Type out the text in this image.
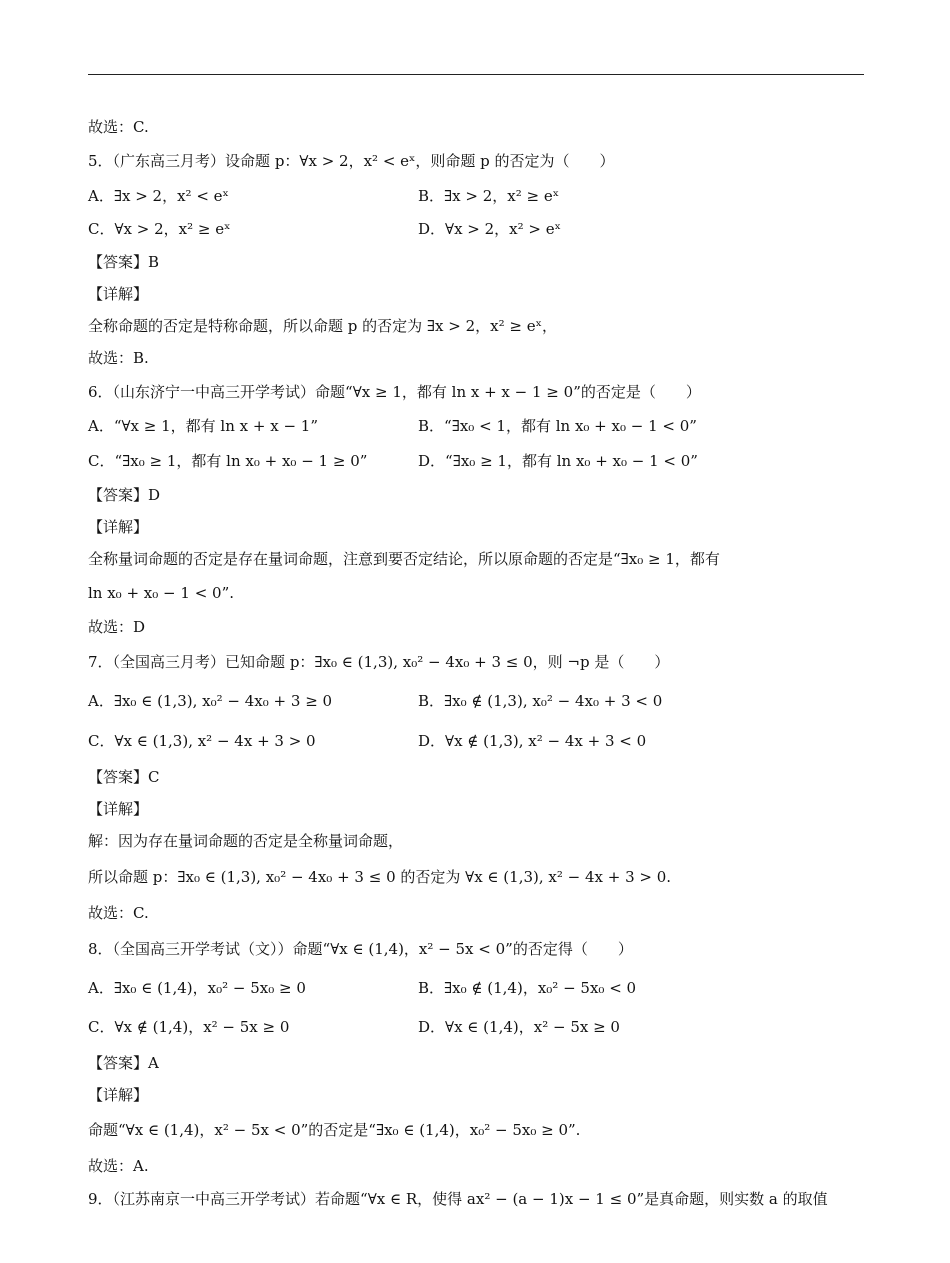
故选：C.
5．（广东高三月考）设命题 p：∀x > 2，x² < eˣ，则命题 p 的否定为（　　）
A．∃x > 2，x² < eˣ	B．∃x > 2，x² ≥ eˣ
C．∀x > 2，x² ≥ eˣ	D．∀x > 2，x² > eˣ
【答案】B
【详解】
全称命题的否定是特称命题，所以命题 p 的否定为 ∃x > 2，x² ≥ eˣ，
故选：B.
6．（山东济宁一中高三开学考试）命题“∀x ≥ 1，都有 ln x + x − 1 ≥ 0”的否定是（　　）
A．“∀x ≥ 1，都有 ln x + x − 1”	B．“∃x₀ < 1，都有 ln x₀ + x₀ − 1 < 0”
C．“∃x₀ ≥ 1，都有 ln x₀ + x₀ − 1 ≥ 0”	D．“∃x₀ ≥ 1，都有 ln x₀ + x₀ − 1 < 0”
【答案】D
【详解】
全称量词命题的否定是存在量词命题，注意到要否定结论，所以原命题的否定是“∃x₀ ≥ 1，都有
ln x₀ + x₀ − 1 < 0”.
故选：D
7．（全国高三月考）已知命题 p：∃x₀ ∈ (1,3), x₀² − 4x₀ + 3 ≤ 0，则 ¬p 是（　　）
A．∃x₀ ∈ (1,3), x₀² − 4x₀ + 3 ≥ 0	B．∃x₀ ∉ (1,3), x₀² − 4x₀ + 3 < 0
C．∀x ∈ (1,3), x² − 4x + 3 > 0	D．∀x ∉ (1,3), x² − 4x + 3 < 0
【答案】C
【详解】
解：因为存在量词命题的否定是全称量词命题，
所以命题 p：∃x₀ ∈ (1,3), x₀² − 4x₀ + 3 ≤ 0 的否定为 ∀x ∈ (1,3), x² − 4x + 3 > 0.
故选：C.
8．（全国高三开学考试（文））命题“∀x ∈ (1,4)，x² − 5x < 0”的否定得（　　）
A．∃x₀ ∈ (1,4)，x₀² − 5x₀ ≥ 0	B．∃x₀ ∉ (1,4)，x₀² − 5x₀ < 0
C．∀x ∉ (1,4)，x² − 5x ≥ 0	D．∀x ∈ (1,4)，x² − 5x ≥ 0
【答案】A
【详解】
命题“∀x ∈ (1,4)，x² − 5x < 0”的否定是“∃x₀ ∈ (1,4)，x₀² − 5x₀ ≥ 0”.
故选：A.
9．（江苏南京一中高三开学考试）若命题“∀x ∈ R，使得 ax² − (a − 1)x − 1 ≤ 0”是真命题，则实数 a 的取值
